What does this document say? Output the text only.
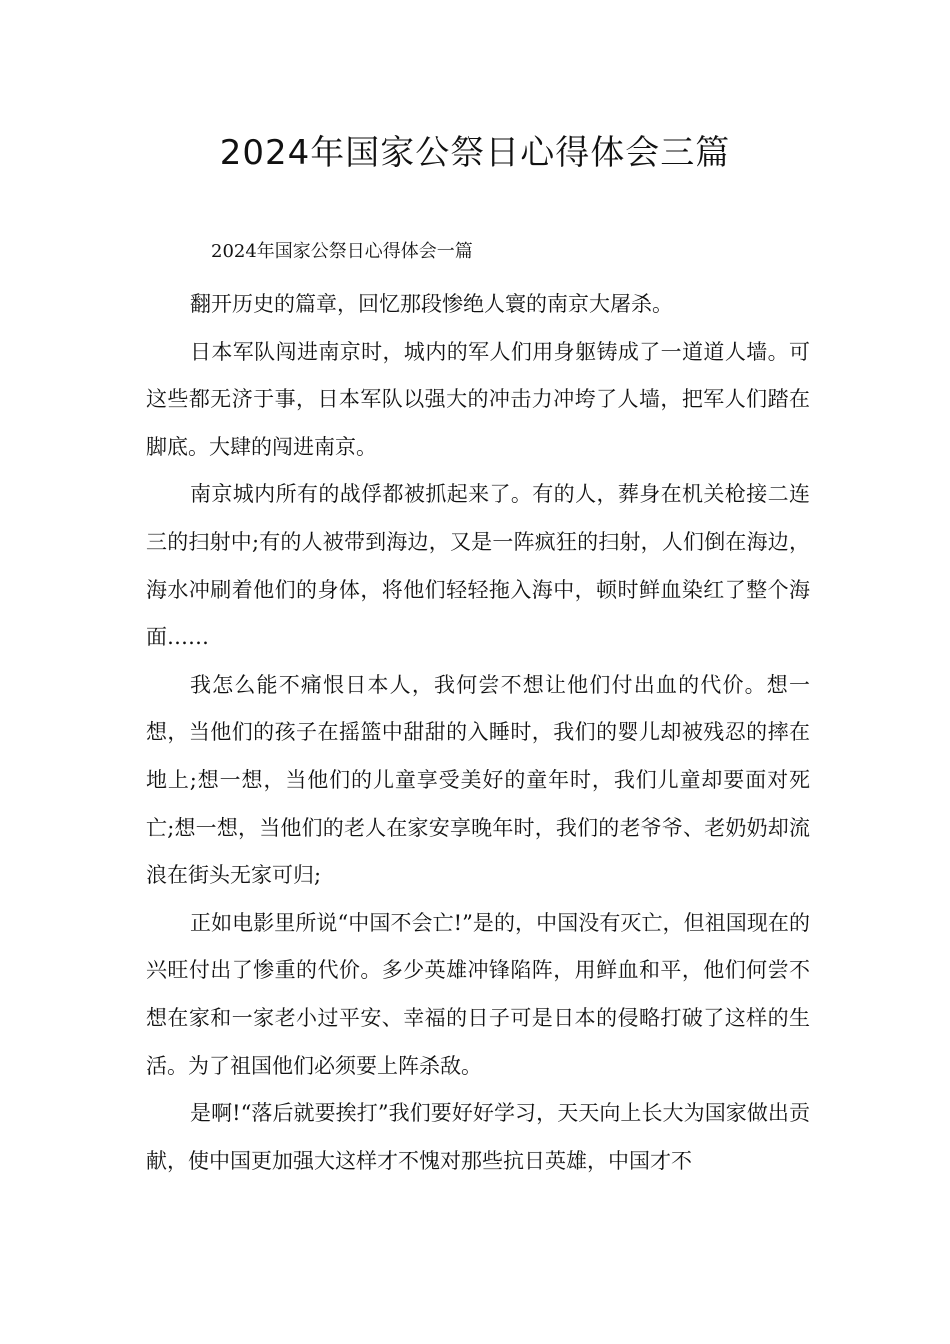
2024年国家公祭日心得体会三篇

2024年国家公祭日心得体会一篇

翻开历史的篇章，回忆那段惨绝人寰的南京大屠杀。

日本军队闯进南京时，城内的军人们用身躯铸成了一道道人墙。可这些都无济于事，日本军队以强大的冲击力冲垮了人墙，把军人们踏在脚底。大肆的闯进南京。

南京城内所有的战俘都被抓起来了。有的人，葬身在机关枪接二连三的扫射中;有的人被带到海边，又是一阵疯狂的扫射，人们倒在海边，海水冲刷着他们的身体，将他们轻轻拖入海中，顿时鲜血染红了整个海面……

我怎么能不痛恨日本人，我何尝不想让他们付出血的代价。想一想，当他们的孩子在摇篮中甜甜的入睡时，我们的婴儿却被残忍的摔在地上;想一想，当他们的儿童享受美好的童年时，我们儿童却要面对死亡;想一想，当他们的老人在家安享晚年时，我们的老爷爷、老奶奶却流浪在街头无家可归;

正如电影里所说“中国不会亡!”是的，中国没有灭亡，但祖国现在的兴旺付出了惨重的代价。多少英雄冲锋陷阵，用鲜血和平，他们何尝不想在家和一家老小过平安、幸福的日子可是日本的侵略打破了这样的生活。为了祖国他们必须要上阵杀敌。

是啊!“落后就要挨打”我们要好好学习，天天向上长大为国家做出贡献，使中国更加强大这样才不愧对那些抗日英雄，中国才不
